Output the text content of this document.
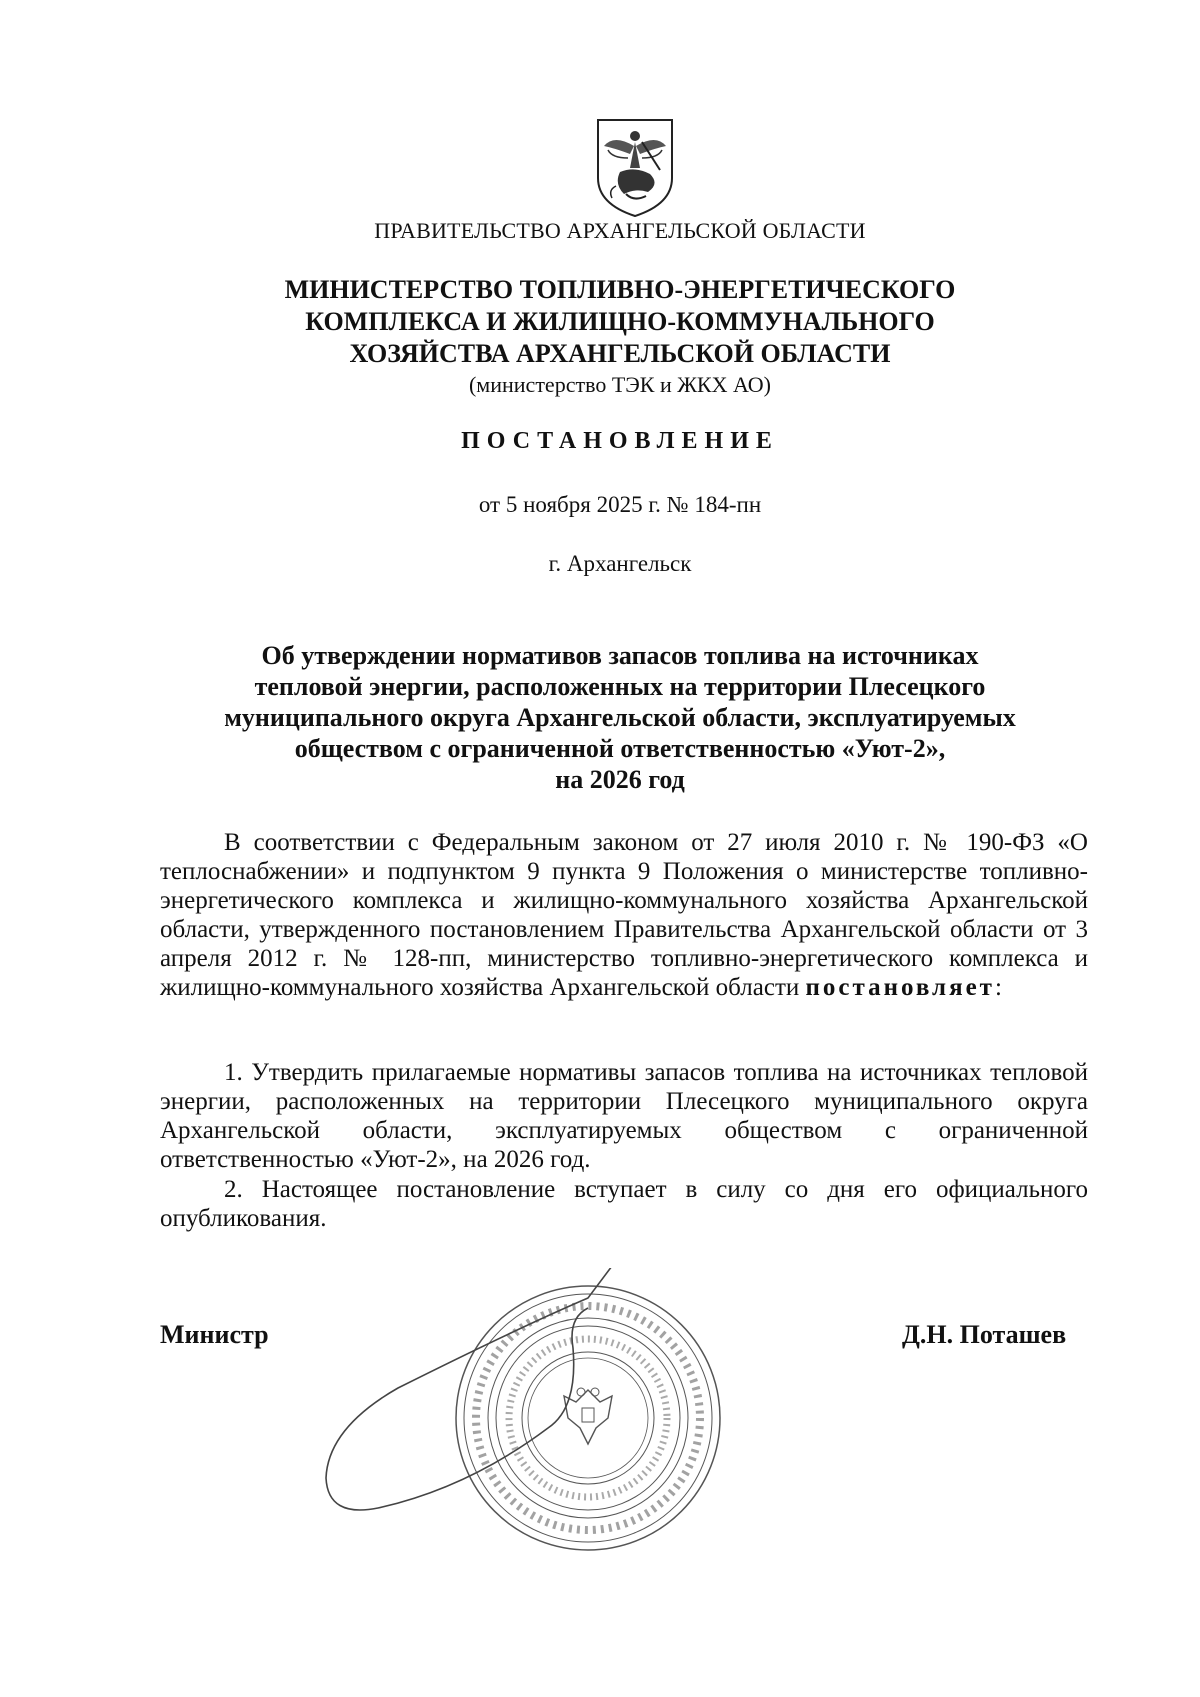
ПРАВИТЕЛЬСТВО АРХАНГЕЛЬСКОЙ ОБЛАСТИ
МИНИСТЕРСТВО ТОПЛИВНО-ЭНЕРГЕТИЧЕСКОГО
КОМПЛЕКСА И ЖИЛИЩНО-КОММУНАЛЬНОГО
ХОЗЯЙСТВА АРХАНГЕЛЬСКОЙ ОБЛАСТИ
(министерство ТЭК и ЖКХ АО)
ПОСТАНОВЛЕНИЕ
от 5 ноября 2025 г. № 184-пн
г. Архангельск
Об утверждении нормативов запасов топлива на источниках
тепловой энергии, расположенных на территории Плесецкого
муниципального округа Архангельской области, эксплуатируемых
обществом с ограниченной ответственностью «Уют-2»,
на 2026 год
В соответствии с Федеральным законом от 27 июля 2010 г. № 190-ФЗ «О теплоснабжении» и подпунктом 9 пункта 9 Положения о министерстве топливно-энергетического комплекса и жилищно-коммунального хозяйства Архангельской области, утвержденного постановлением Правительства Архангельской области от 3 апреля 2012 г. № 128-пп, министерство топливно-энергетического комплекса и жилищно-коммунального хозяйства Архангельской области постановляет:
1. Утвердить прилагаемые нормативы запасов топлива на источниках тепловой энергии, расположенных на территории Плесецкого муниципального округа Архангельской области, эксплуатируемых обществом с ограниченной ответственностью «Уют-2», на 2026 год.
2. Настоящее постановление вступает в силу со дня его официального опубликования.
Министр	Д.Н. Поташев
